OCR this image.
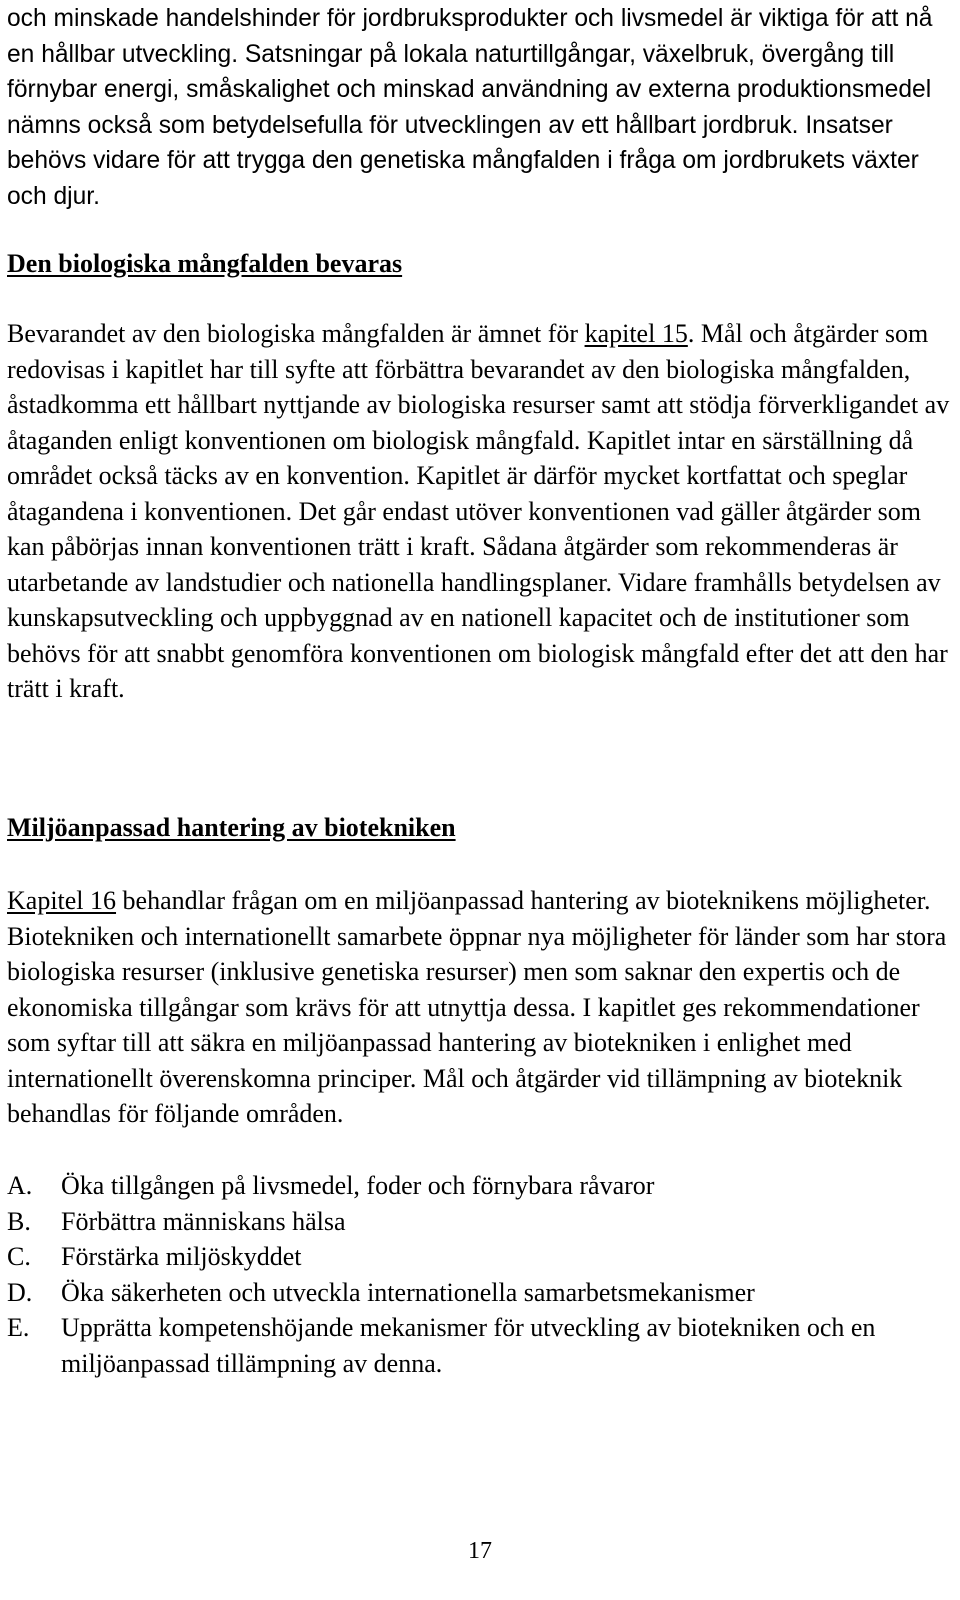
och minskade handelshinder för jordbruksprodukter och livsmedel är viktiga för att nå en hållbar utveckling. Satsningar på lokala naturtillgångar, växelbruk, övergång till förnybar energi, småskalighet och minskad användning av externa produktionsmedel nämns också som betydelsefulla för utvecklingen av ett hållbart jordbruk. Insatser behövs vidare för att trygga den genetiska mångfalden i fråga om jordbrukets växter och djur.

Den biologiska mångfalden bevaras

Bevarandet av den biologiska mångfalden är ämnet för kapitel 15. Mål och åtgärder som redovisas i kapitlet har till syfte att förbättra bevarandet av den biologiska mångfalden, åstadkomma ett hållbart nyttjande av biologiska resurser samt att stödja förverkligandet av åtaganden enligt konventionen om biologisk mångfald. Kapitlet intar en särställning då området också täcks av en konvention. Kapitlet är därför mycket kortfattat och speglar åtagandena i konventionen. Det går endast utöver konventionen vad gäller åtgärder som kan påbörjas innan konventionen trätt i kraft. Sådana åtgärder som rekommenderas är utarbetande av landstudier och nationella handlingsplaner. Vidare framhålls betydelsen av kunskapsutveckling och uppbyggnad av en nationell kapacitet och de institutioner som behövs för att snabbt genomföra konventionen om biologisk mångfald efter det att den har trätt i kraft.

Miljöanpassad hantering av biotekniken

Kapitel 16 behandlar frågan om en miljöanpassad hantering av bioteknikens möjligheter. Biotekniken och internationellt samarbete öppnar nya möjligheter för länder som har stora biologiska resurser (inklusive genetiska resurser) men som saknar den expertis och de ekonomiska tillgångar som krävs för att utnyttja dessa. I kapitlet ges rekommendationer som syftar till att säkra en miljöanpassad hantering av biotekniken i enlighet med internationellt överenskomna principer. Mål och åtgärder vid tillämpning av bioteknik behandlas för följande områden.

A. Öka tillgången på livsmedel, foder och förnybara råvaror
B. Förbättra människans hälsa
C. Förstärka miljöskyddet
D. Öka säkerheten och utveckla internationella samarbetsmekanismer
E. Upprätta kompetenshöjande mekanismer för utveckling av biotekniken och en miljöanpassad tillämpning av denna.
17
